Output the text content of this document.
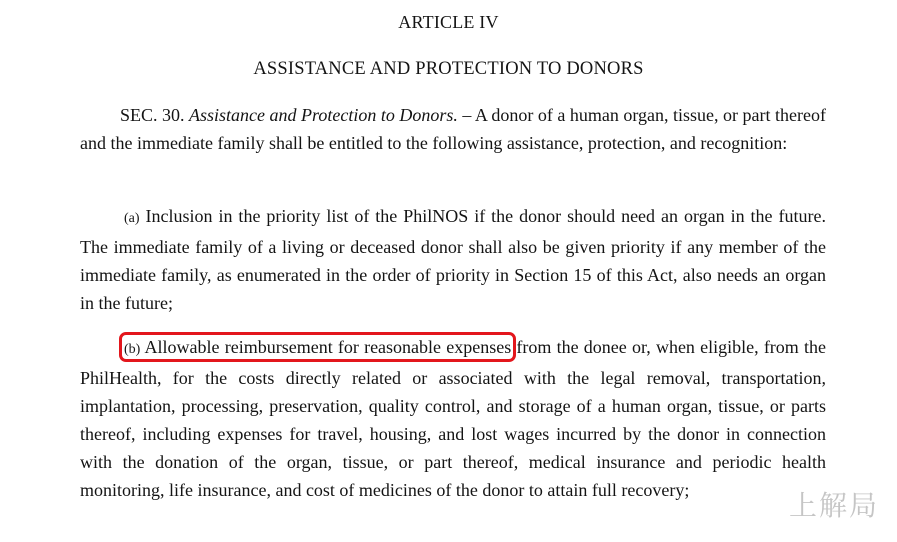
ARTICLE IV
ASSISTANCE AND PROTECTION TO DONORS
SEC. 30. Assistance and Protection to Donors. – A donor of a human organ, tissue, or part thereof and the immediate family shall be entitled to the following assistance, protection, and recognition:
(a) Inclusion in the priority list of the PhilNOS if the donor should need an organ in the future. The immediate family of a living or deceased donor shall also be given priority if any member of the immediate family, as enumerated in the order of priority in Section 15 of this Act, also needs an organ in the future;
(b) Allowable reimbursement for reasonable expenses from the donee or, when eligible, from the PhilHealth, for the costs directly related or associated with the legal removal, transportation, implantation, processing, preservation, quality control, and storage of a human organ, tissue, or parts thereof, including expenses for travel, housing, and lost wages incurred by the donor in connection with the donation of the organ, tissue, or part thereof, medical insurance and periodic health monitoring, life insurance, and cost of medicines of the donor to attain full recovery;	上解局
